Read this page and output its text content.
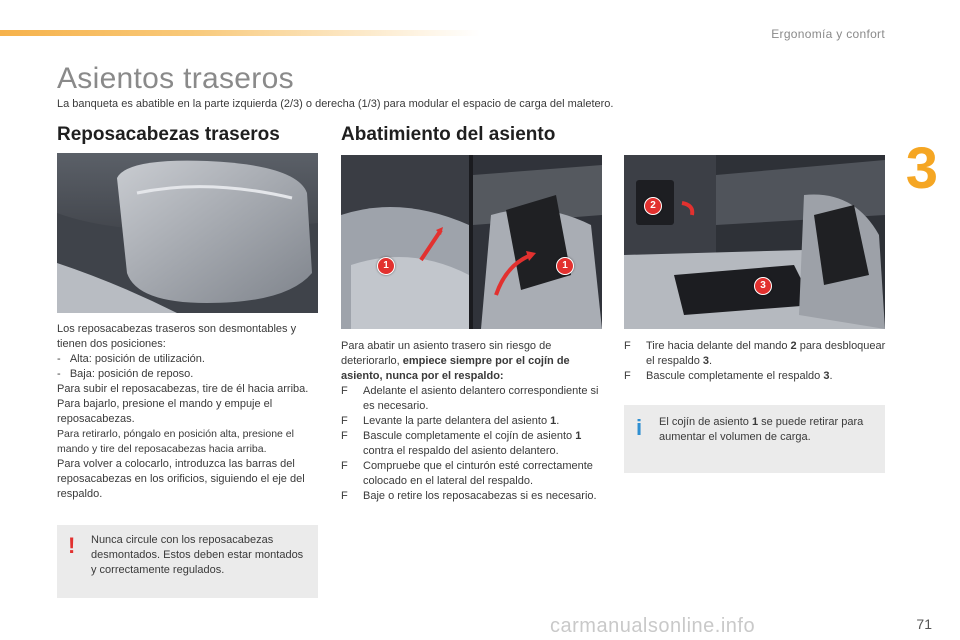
Ergonomía y confort
3
Asientos traseros
La banqueta es abatible en la parte izquierda (2/3) o derecha (1/3) para modular el espacio de carga del maletero.
Reposacabezas traseros

Los reposacabezas traseros son desmontables y tienen dos posiciones:

-   Alta: posición de utilización.

-   Baja: posición de reposo.

Para subir el reposacabezas, tire de él hacia arriba.

Para bajarlo, presione el mando y empuje el reposacabezas.

Para retirarlo, póngalo en posición alta, presione el mando y tire del reposacabezas hacia arriba.

Para volver a colocarlo, introduzca las barras del reposacabezas en los orificios, siguiendo el eje del respaldo.

! Nunca circule con los reposacabezas desmontados. Estos deben estar montados y correctamente regulados.
Abatimiento del asiento
1	1

Para abatir un asiento trasero sin riesgo de deteriorarlo, empiece siempre por el cojín de asiento, nunca por el respaldo:

F Adelante el asiento delantero correspondiente si es necesario.
F Levante la parte delantera del asiento 1.
F Bascule completamente el cojín de asiento 1 contra el respaldo del asiento delantero.
F Compruebe que el cinturón esté correctamente colocado en el lateral del respaldo.
F Baje o retire los reposacabezas si es necesario.
2
3
F Tire hacia delante del mando 2 para desbloquear el respaldo 3.
F Bascule completamente el respaldo 3.
i El cojín de asiento 1 se puede retirar para aumentar el volumen de carga.
carmanualsonline.info	71
